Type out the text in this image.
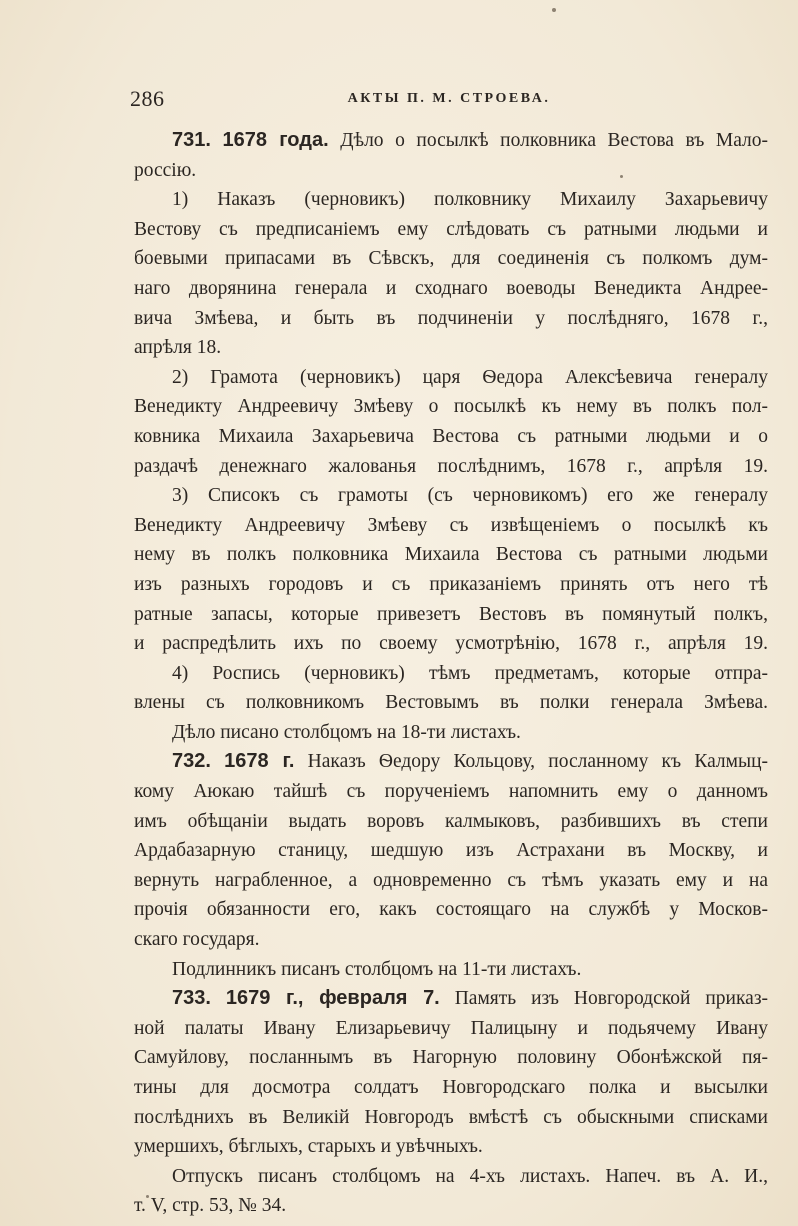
286	АКТЫ П. М. СТРОЕВА.
731. 1678 года. Дѣло о посылкѣ полковника Вестова въ Мало-
россію.
1) Наказъ (черновикъ) полковнику Михаилу Захарьевичу
Вестову съ предписаніемъ ему слѣдовать съ ратными людьми и
боевыми припасами въ Сѣвскъ, для соединенія съ полкомъ дум-
наго дворянина генерала и сходнаго воеводы Венедикта Андрее-
вича Змѣева, и быть въ подчиненіи у послѣдняго, 1678 г.,
апрѣля 18.
2) Грамота (черновикъ) царя Ѳедора Алексѣевича генералу
Венедикту Андреевичу Змѣеву о посылкѣ къ нему въ полкъ пол-
ковника Михаила Захарьевича Вестова съ ратными людьми и о
раздачѣ денежнаго жалованья послѣднимъ, 1678 г., апрѣля 19.
3) Списокъ съ грамоты (съ черновикомъ) его же генералу
Венедикту Андреевичу Змѣеву съ извѣщеніемъ о посылкѣ къ
нему въ полкъ полковника Михаила Вестова съ ратными людьми
изъ разныхъ городовъ и съ приказаніемъ принять отъ него тѣ
ратные запасы, которые привезетъ Вестовъ въ помянутый полкъ,
и распредѣлить ихъ по своему усмотрѣнію, 1678 г., апрѣля 19.
4) Роспись (черновикъ) тѣмъ предметамъ, которые отпра-
влены съ полковникомъ Вестовымъ въ полки генерала Змѣева.
Дѣло писано столбцомъ на 18-ти листахъ.
732. 1678 г. Наказъ Ѳедору Кольцову, посланному къ Калмыц-
кому Аюкаю тайшѣ съ порученіемъ напомнить ему о данномъ
имъ обѣщаніи выдать воровъ калмыковъ, разбившихъ въ степи
Ардабазарную станицу, шедшую изъ Астрахани въ Москву, и
вернуть награбленное, а одновременно съ тѣмъ указать ему и на
прочія обязанности его, какъ состоящаго на службѣ у Москов-
скаго государя.
Подлинникъ писанъ столбцомъ на 11-ти листахъ.
733. 1679 г., февраля 7. Память изъ Новгородской приказ-
ной палаты Ивану Елизарьевичу Палицыну и подьячему Ивану
Самуйлову, посланнымъ въ Нагорную половину Обонѣжской пя-
тины для досмотра солдатъ Новгородскаго полка и высылки
послѣднихъ въ Великій Новгородъ вмѣстѣ съ обыскными списками
умершихъ, бѣглыхъ, старыхъ и увѣчныхъ.
Отпускъ писанъ столбцомъ на 4-хъ листахъ. Напеч. въ А. И.,
т. V, стр. 53, № 34.
